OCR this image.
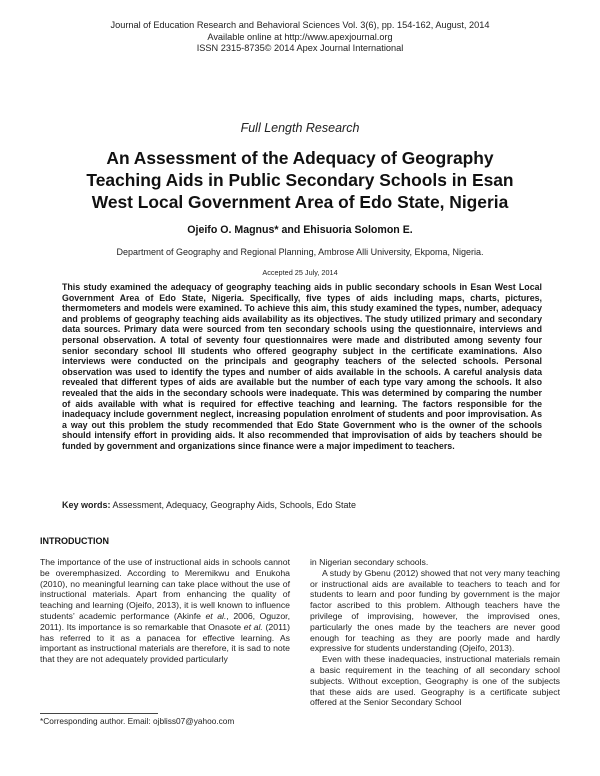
Journal of Education Research and Behavioral Sciences Vol. 3(6), pp. 154-162, August, 2014
Available online at http://www.apexjournal.org
ISSN 2315-8735© 2014 Apex Journal International
Full Length Research
An Assessment of the Adequacy of Geography
Teaching Aids in Public Secondary Schools in Esan
West Local Government Area of Edo State, Nigeria
Ojeifo O. Magnus* and Ehisuoria Solomon E.
Department of Geography and Regional Planning, Ambrose Alli University, Ekpoma, Nigeria.
Accepted 25 July, 2014

This study examined the adequacy of geography teaching aids in public secondary schools in Esan West Local Government Area of Edo State, Nigeria. Specifically, five types of aids including maps, charts, pictures, thermometers and models were examined. To achieve this aim, this study examined the types, number, adequacy and problems of geography teaching aids availability as its objectives. The study utilized primary and secondary data sources. Primary data were sourced from ten secondary schools using the questionnaire, interviews and personal observation. A total of seventy four questionnaires were made and distributed among seventy four senior secondary school III students who offered geography subject in the certificate examinations. Also interviews were conducted on the principals and geography teachers of the selected schools. Personal observation was used to identify the types and number of aids available in the schools. A careful analysis data revealed that different types of aids are available but the number of each type vary among the schools. It also revealed that the aids in the secondary schools were inadequate. This was determined by comparing the number of aids available with what is required for effective teaching and learning. The factors responsible for the inadequacy include government neglect, increasing population enrolment of students and poor improvisation. As a way out this problem the study recommended that Edo State Government who is the owner of the schools should intensify effort in providing aids. It also recommended that improvisation of aids by teachers should be funded by government and organizations since finance were a major impediment to teachers.

Key words: Assessment, Adequacy, Geography Aids, Schools, Edo State
INTRODUCTION

The importance of the use of instructional aids in schools cannot be overemphasized. According to Meremikwu and Enukoha (2010), no meaningful learning can take place without the use of instructional materials. Apart from enhancing the quality of teaching and learning (Ojeifo, 2013), it is well known to influence students’ academic performance (Akinfe et al., 2006, Oguzor, 2011). Its importance is so remarkable that Onasote et al. (2011) has referred to it as a panacea for effective learning. As important as instructional materials are therefore, it is sad to note that they are not adequately provided particularly

in Nigerian secondary schools.

A study by Gbenu (2012) showed that not very many teaching or instructional aids are available to teachers to teach and for students to learn and poor funding by government is the major factor ascribed to this problem. Although teachers have the privilege of improvising, however, the improvised ones, particularly the ones made by the teachers are never good enough for teaching as they are poorly made and hardly expressive for students understanding (Ojeifo, 2013).

Even with these inadequacies, instructional materials remain a basic requirement in the teaching of all secondary school subjects. Without exception, Geography is one of the subjects that these aids are used. Geography is a certificate subject offered at the Senior Secondary School

*Corresponding author. Email: ojbliss07@yahoo.com
